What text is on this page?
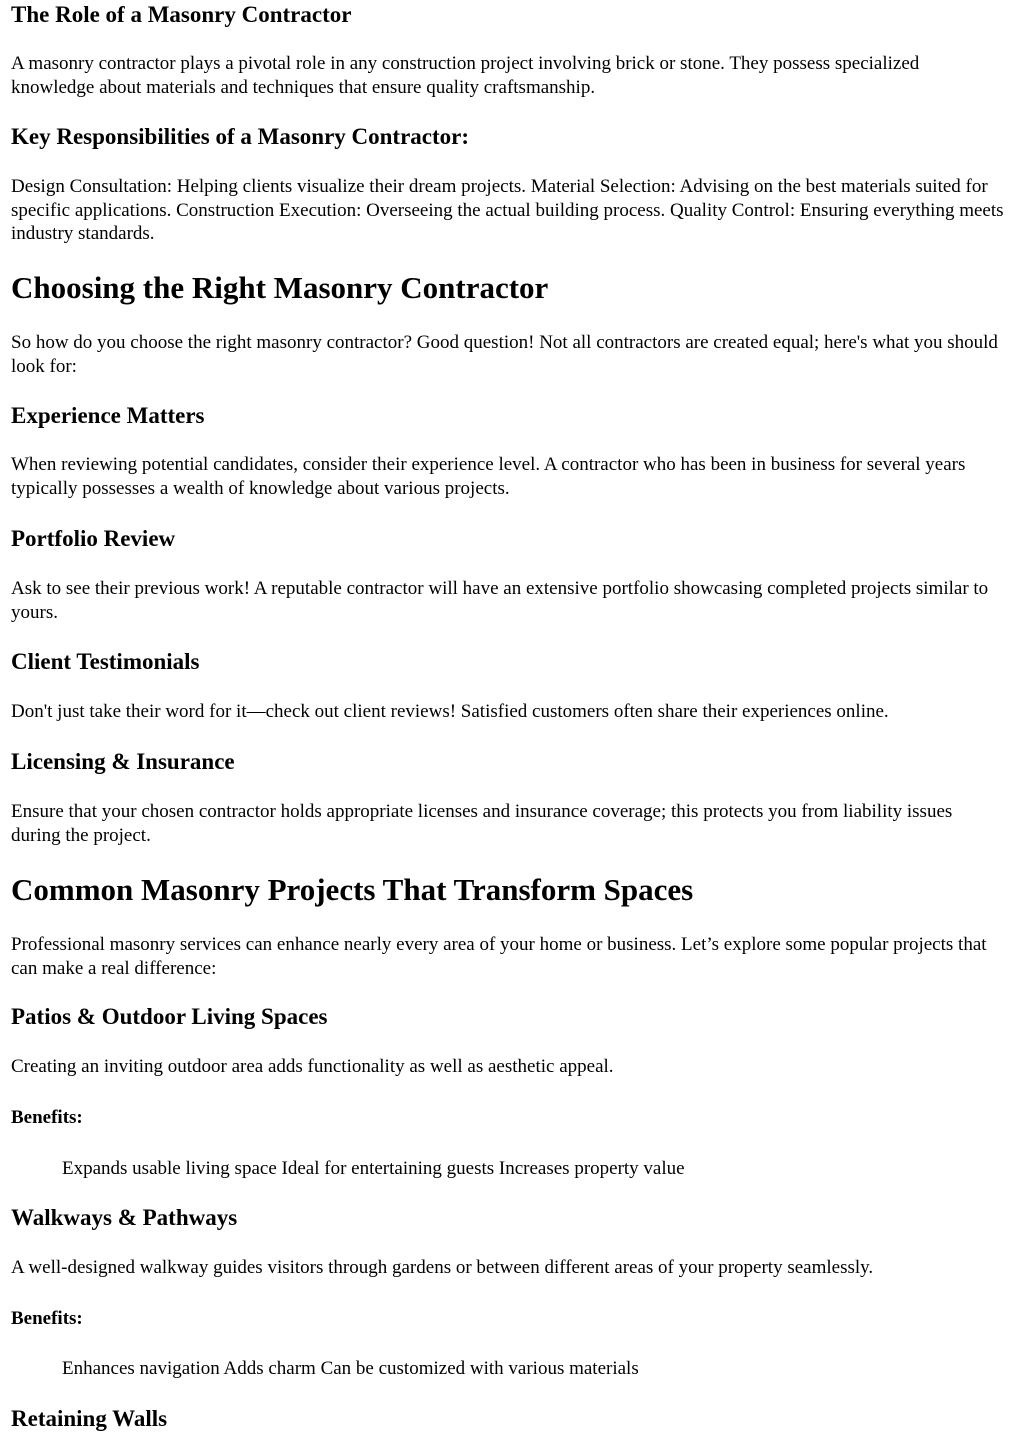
The Role of a Masonry Contractor

A masonry contractor plays a pivotal role in any construction project involving brick or stone. They possess specialized knowledge about materials and techniques that ensure quality craftsmanship.

Key Responsibilities of a Masonry Contractor:

Design Consultation: Helping clients visualize their dream projects. Material Selection: Advising on the best materials suited for specific applications. Construction Execution: Overseeing the actual building process. Quality Control: Ensuring everything meets industry standards.

Choosing the Right Masonry Contractor

So how do you choose the right masonry contractor? Good question! Not all contractors are created equal; here's what you should look for:

Experience Matters

When reviewing potential candidates, consider their experience level. A contractor who has been in business for several years typically possesses a wealth of knowledge about various projects.

Portfolio Review

Ask to see their previous work! A reputable contractor will have an extensive portfolio showcasing completed projects similar to yours.

Client Testimonials

Don't just take their word for it—check out client reviews! Satisfied customers often share their experiences online.

Licensing & Insurance

Ensure that your chosen contractor holds appropriate licenses and insurance coverage; this protects you from liability issues during the project.

Common Masonry Projects That Transform Spaces

Professional masonry services can enhance nearly every area of your home or business. Let’s explore some popular projects that can make a real difference:

Patios & Outdoor Living Spaces

Creating an inviting outdoor area adds functionality as well as aesthetic appeal.

Benefits:
Expands usable living space Ideal for entertaining guests Increases property value
Walkways & Pathways

A well-designed walkway guides visitors through gardens or between different areas of your property seamlessly.

Benefits:
Enhances navigation Adds charm Can be customized with various materials
Retaining Walls
